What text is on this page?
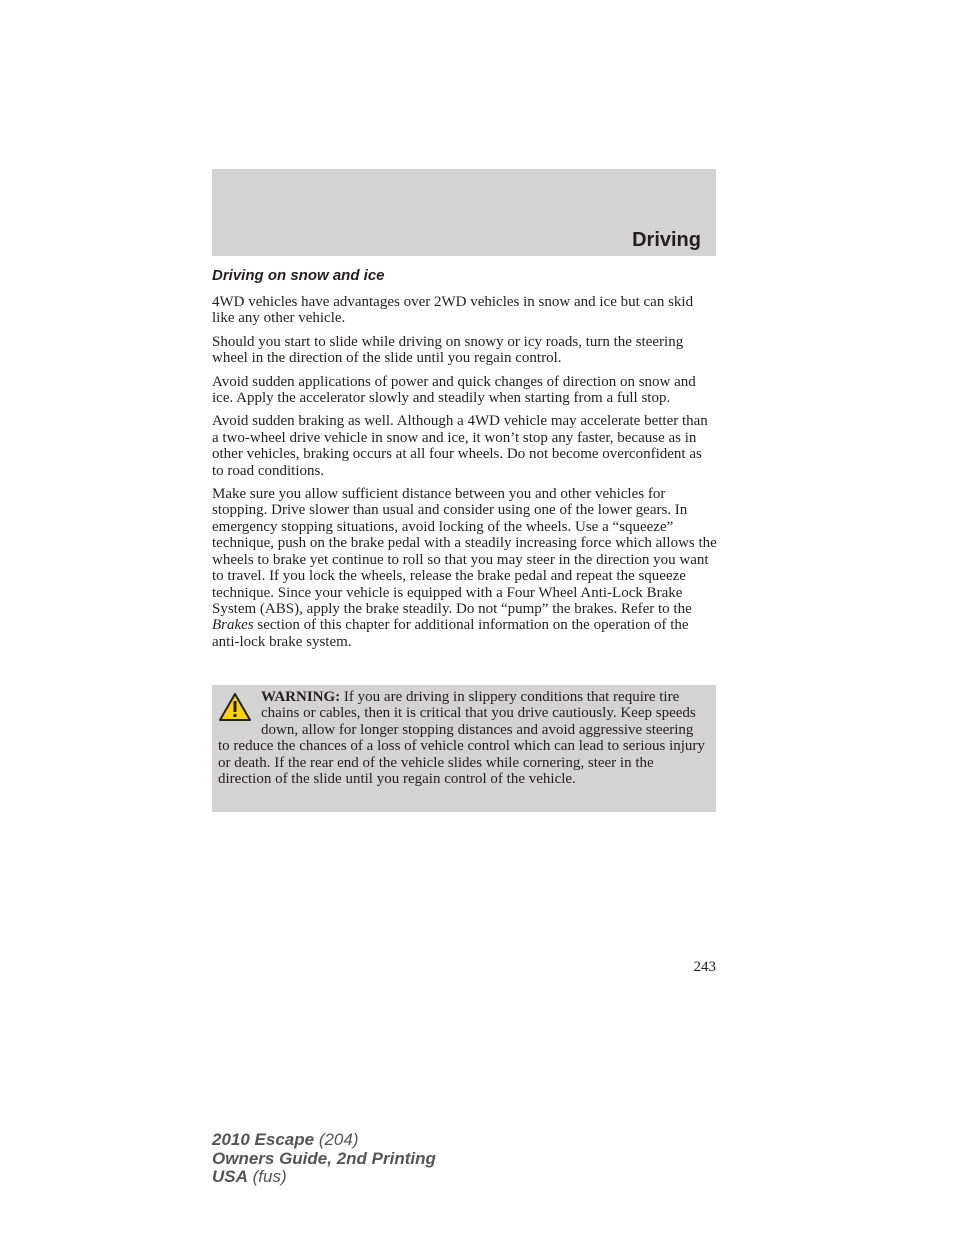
Driving
Driving on snow and ice

4WD vehicles have advantages over 2WD vehicles in snow and ice but can skid like any other vehicle.

Should you start to slide while driving on snowy or icy roads, turn the steering wheel in the direction of the slide until you regain control.

Avoid sudden applications of power and quick changes of direction on snow and ice. Apply the accelerator slowly and steadily when starting from a full stop.

Avoid sudden braking as well. Although a 4WD vehicle may accelerate better than a two-wheel drive vehicle in snow and ice, it won’t stop any faster, because as in other vehicles, braking occurs at all four wheels. Do not become overconfident as to road conditions.

Make sure you allow sufficient distance between you and other vehicles for stopping. Drive slower than usual and consider using one of the lower gears. In emergency stopping situations, avoid locking of the wheels. Use a “squeeze” technique, push on the brake pedal with a steadily increasing force which allows the wheels to brake yet continue to roll so that you may steer in the direction you want to travel. If you lock the wheels, release the brake pedal and repeat the squeeze technique. Since your vehicle is equipped with a Four Wheel Anti-Lock Brake System (ABS), apply the brake steadily. Do not “pump” the brakes. Refer to the Brakes section of this chapter for additional information on the operation of the anti-lock brake system.

WARNING: If you are driving in slippery conditions that require tire chains or cables, then it is critical that you drive cautiously. Keep speeds down, allow for longer stopping distances and avoid aggressive steering to reduce the chances of a loss of vehicle control which can lead to serious injury or death. If the rear end of the vehicle slides while cornering, steer in the direction of the slide until you regain control of the vehicle.

243
2010 Escape (204)
Owners Guide, 2nd Printing
USA (fus)
